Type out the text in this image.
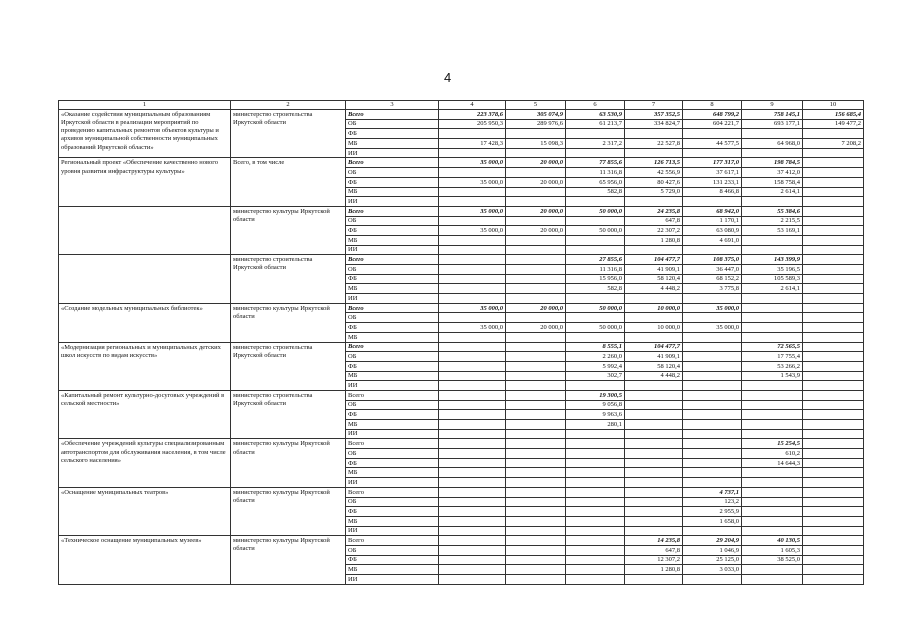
4
1	2	3	4	5	6	7	8	9	10
«Оказание содействия муниципальным образованиям Иркутской области в реализации мероприятий по проведению капитальных ремонтов объектов культуры и архивов муниципальной собственности муниципальных образований Иркутской области»	министерство строительства Иркутской области	Всего	223 378,6	305 074,9	63 530,9	357 352,5	648 799,2	758 145,1	156 685,4
		ОБ	205 950,3	289 976,6	61 213,7	334 824,7	604 221,7	693 177,1	149 477,2
		ФБ							
		МБ	17 428,3	15 098,3	2 317,2	22 527,8	44 577,5	64 968,0	7 208,2
		ИИ							
Региональный проект «Обеспечение качественно нового уровня развития инфраструктуры культуры»	Всего, в том числе	Всего	35 000,0	20 000,0	77 855,6	126 713,5	177 317,0	198 784,5	
		ОБ			11 316,8	42 556,9	37 617,1	37 412,0	
		ФБ	35 000,0	20 000,0	65 956,0	80 427,6	131 233,1	158 758,4	
		МБ			582,8	5 729,0	8 466,8	2 614,1	
		ИИ							
	министерство культуры Иркутской области	Всего	35 000,0	20 000,0	50 000,0	24 235,8	68 942,0	55 384,6	
		ОБ				647,8	1 170,1	2 215,5	
		ФБ	35 000,0	20 000,0	50 000,0	22 307,2	63 080,9	53 169,1	
		МБ				1 280,8	4 691,0		
		ИИ							
	министерство строительства Иркутской области	Всего			27 855,6	104 477,7	108 375,0	143 399,9	
		ОБ			11 316,8	41 909,1	36 447,0	35 196,5	
		ФБ			15 956,0	58 120,4	68 152,2	105 589,3	
		МБ			582,8	4 448,2	3 775,8	2 614,1	
		ИИ							
«Создание модельных муниципальных библиотек»	министерство культуры Иркутской области	Всего	35 000,0	20 000,0	50 000,0	10 000,0	35 000,0		
		ОБ							
		ФБ	35 000,0	20 000,0	50 000,0	10 000,0	35 000,0		
		МБ							
«Модернизация региональных и муниципальных детских школ искусств по видам искусств»	министерство строительства Иркутской области	Всего			8 555,1	104 477,7		72 565,5	
		ОБ			2 260,0	41 909,1		17 755,4	
		ФБ			5 992,4	58 120,4		53 266,2	
		МБ			302,7	4 448,2		1 543,9	
		ИИ							
«Капитальный ремонт культурно-досуговых учреждений в сельской местности»	министерство строительства Иркутской области	Всего			19 300,5				
		ОБ			9 056,8				
		ФБ			9 963,6				
		МБ			280,1				
		ИИ							
«Обеспечение учреждений культуры специализированным автотранспортом для обслуживания населения, в том числе сельского населения»	министерство культуры Иркутской области	Всего						15 254,5	
		ОБ						610,2	
		ФБ						14 644,3	
		МБ							
		ИИ							
«Оснащение муниципальных театров»	министерство культуры Иркутской области	Всего					4 737,1		
		ОБ					123,2		
		ФБ					2 955,9		
		МБ					1 658,0		
		ИИ							
«Техническое оснащение муниципальных музеев»	министерство культуры Иркутской области	Всего				14 235,8	29 204,9	40 130,5	
		ОБ				647,8	1 046,9	1 605,3	
		ФБ				12 307,2	25 125,0	38 525,0	
		МБ				1 280,8	3 033,0		
		ИИ							
